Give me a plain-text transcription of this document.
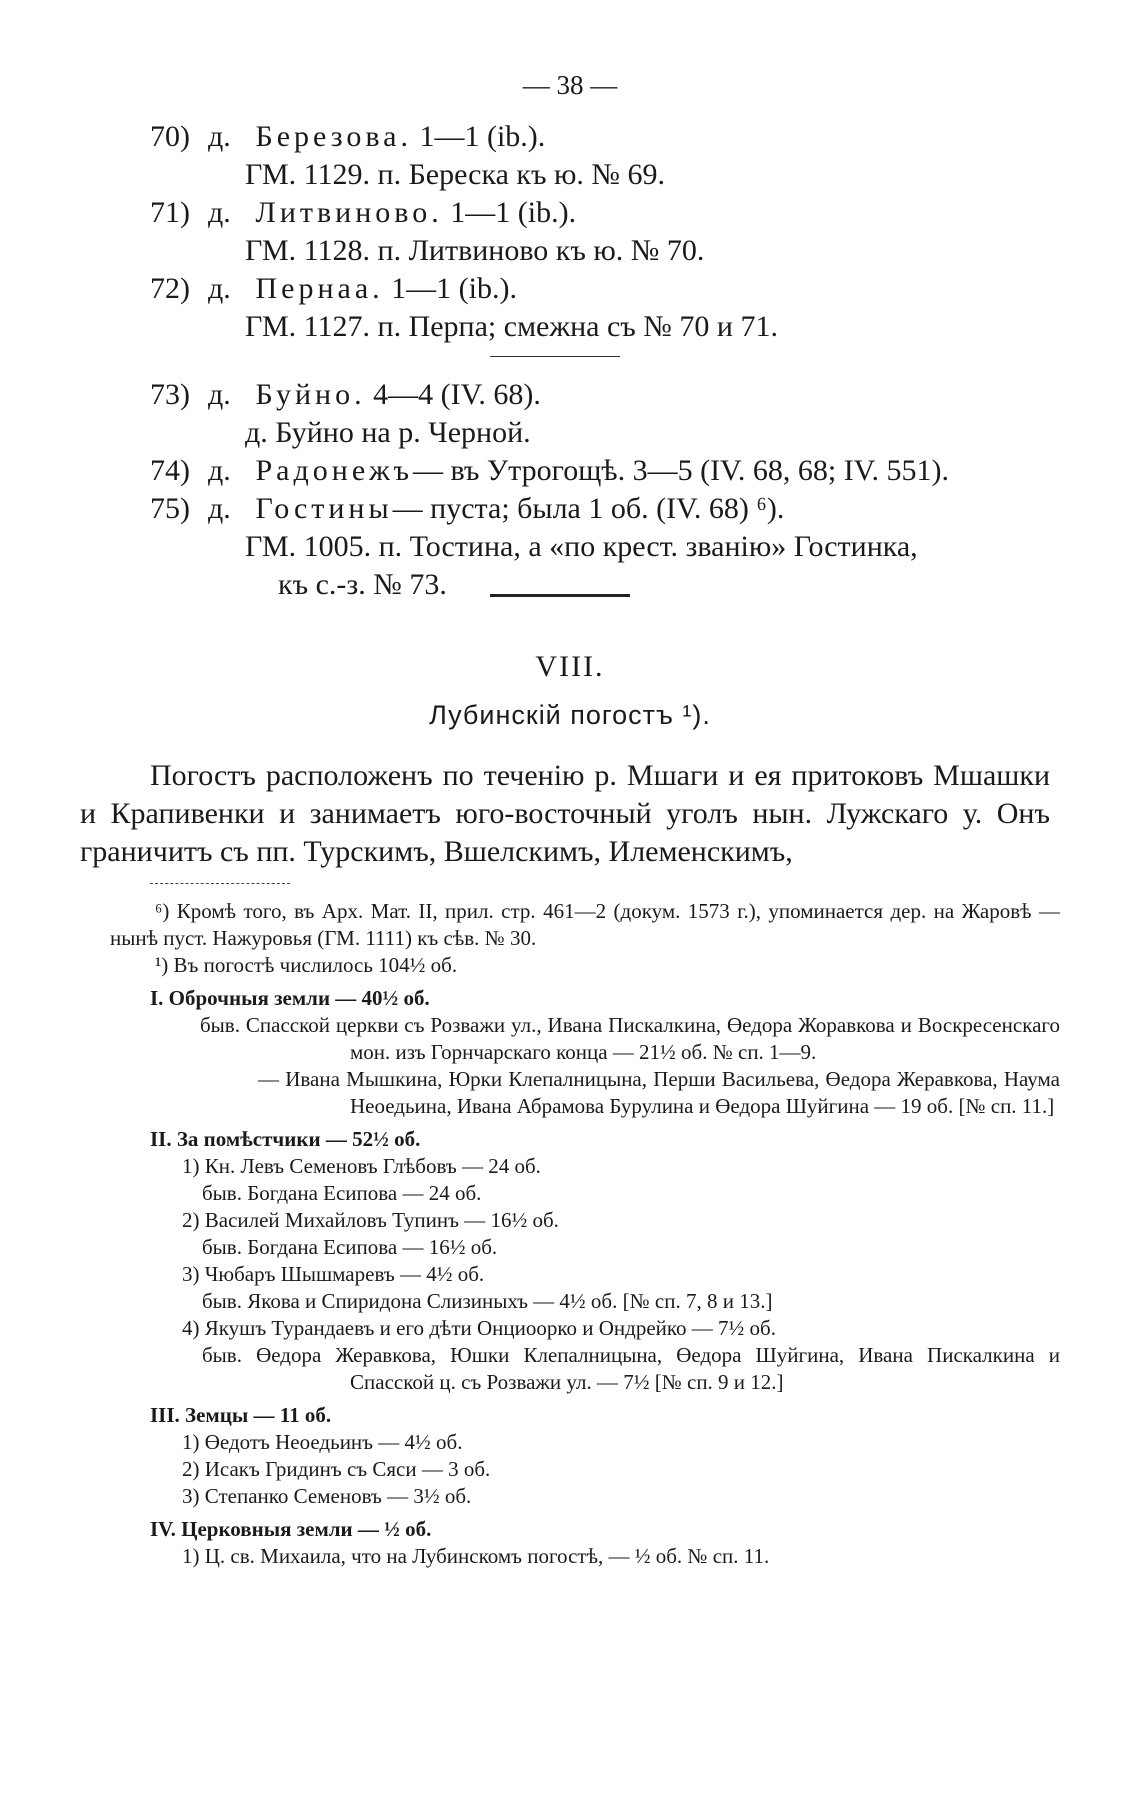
— 38 —
70) д. Березова. 1—1 (ib.).
ГМ. 1129. п. Береска къ ю. № 69.
71) д. Литвиново. 1—1 (ib.).
ГМ. 1128. п. Литвиново къ ю. № 70.
72) д. Пернаа. 1—1 (ib.).
ГМ. 1127. п. Перпа; смежна съ № 70 и 71.
73) д. Буйно. 4—4 (IV. 68).
д. Буйно на р. Черной.
74) д. Радонежъ— въ Утрогощѣ. 3—5 (IV. 68, 68; IV. 551).
75) д. Гостины— пуста; была 1 об. (IV. 68) ⁶).
ГМ. 1005. п. Тостина, а «по крест. званію» Гостинка,
къ с.-з. № 73.
VIII.
Лубинскій погостъ ¹).

Погостъ расположенъ по теченію р. Мшаги и ея притоковъ Мшашки и Крапивенки и занимаетъ юго-восточный уголъ нын. Лужскаго у. Онъ граничитъ съ пп. Турскимъ, Вшелскимъ, Илеменскимъ,

⁶) Кромѣ того, въ Арх. Мат. II, прил. стр. 461—2 (докум. 1573 г.), упоминается дер. на Жаровѣ — нынѣ пуст. Нажуровья (ГМ. 1111) къ сѣв. № 30.

¹) Въ погостѣ числилось 104½ об.
I. Оброчныя земли — 40½ об.
быв. Спасской церкви съ Розважи ул., Ивана Пискалкина, Өедора Жоравкова и Воскресенскаго мон. изъ Горнчарскаго конца — 21½ об. № сп. 1—9.
— Ивана Мышкина, Юрки Клепалницына, Перши Васильева, Өедора Жеравкова, Наума Неоедьина, Ивана Абрамова Бурулина и Өедора Шуйгина — 19 об. [№ сп. 11.]
II. За помѣстчики — 52½ об.
1) Кн. Левъ Семеновъ Глѣбовъ — 24 об.
быв. Богдана Есипова — 24 об.
2) Василей Михайловъ Тупинъ — 16½ об.
быв. Богдана Есипова — 16½ об.
3) Чюбаръ Шышмаревъ — 4½ об.
быв. Якова и Спиридона Слизиныхъ — 4½ об. [№ сп. 7, 8 и 13.]
4) Якушъ Турандаевъ и его дѣти Онциоорко и Ондрейко — 7½ об.
быв. Өедора Жеравкова, Юшки Клепалницына, Өедора Шуйгина, Ивана Пискалкина и Спасской ц. съ Розважи ул. — 7½ [№ сп. 9 и 12.]
III. Земцы — 11 об.
1) Өедотъ Неоедьинъ — 4½ об.
2) Исакъ Гридинъ съ Сяси — 3 об.
3) Степанко Семеновъ — 3½ об.
IV. Церковныя земли — ½ об.
1) Ц. св. Михаила, что на Лубинскомъ погостѣ, — ½ об. № сп. 11.
